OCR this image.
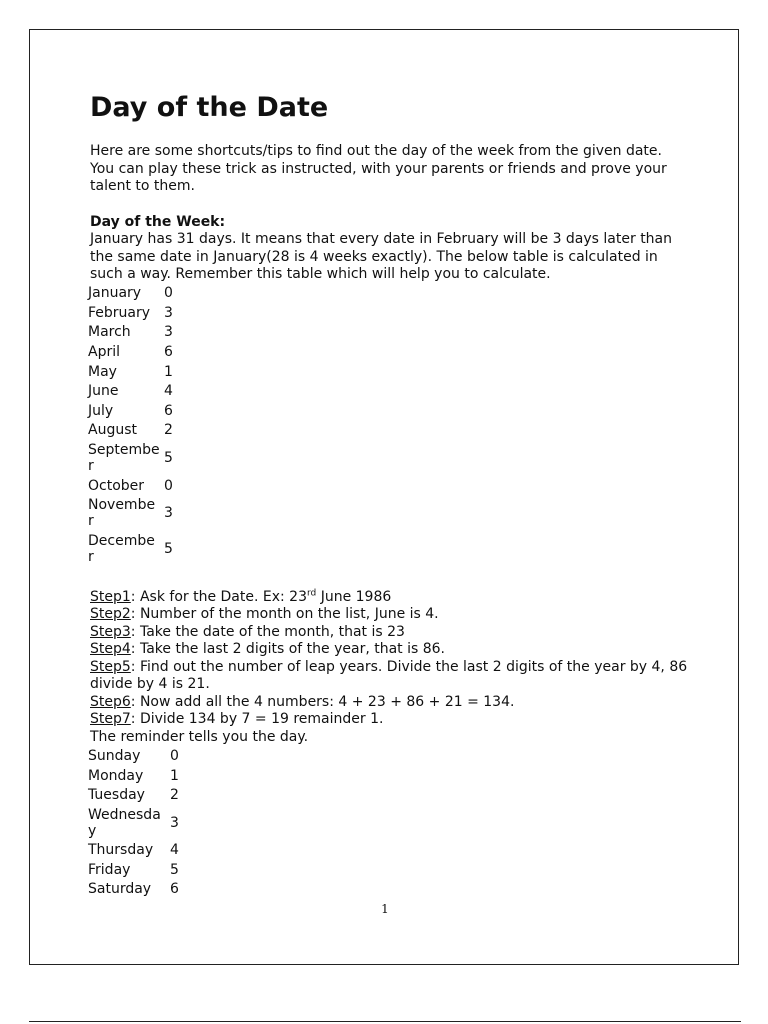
Day of the Date

Here are some shortcuts/tips to find out the day of the week from the given date. You can play these trick as instructed, with your parents or friends and prove your talent to them.

Day of the Week:

January has 31 days. It means that every date in February will be 3 days later than the same date in January(28 is 4 weeks exactly). The below table is calculated in such a way. Remember this table which will help you to calculate.

January	0
February	3
March	3
April	6
May	1
June	4
July	6
August	2
September	5
October	0
November	3
December	5

Step1: Ask for the Date. Ex: 23rd June 1986

Step2: Number of the month on the list, June is 4.

Step3: Take the date of the month, that is 23

Step4: Take the last 2 digits of the year, that is 86.

Step5: Find out the number of leap years. Divide the last 2 digits of the year by 4, 86 divide by 4 is 21.

Step6: Now add all the 4 numbers: 4 + 23 + 86 + 21 = 134.

Step7: Divide 134 by 7 = 19 remainder 1.

The reminder tells you the day.

Sunday	0
Monday	1
Tuesday	2
Wednesday	3
Thursday	4
Friday	5
Saturday	6
1
